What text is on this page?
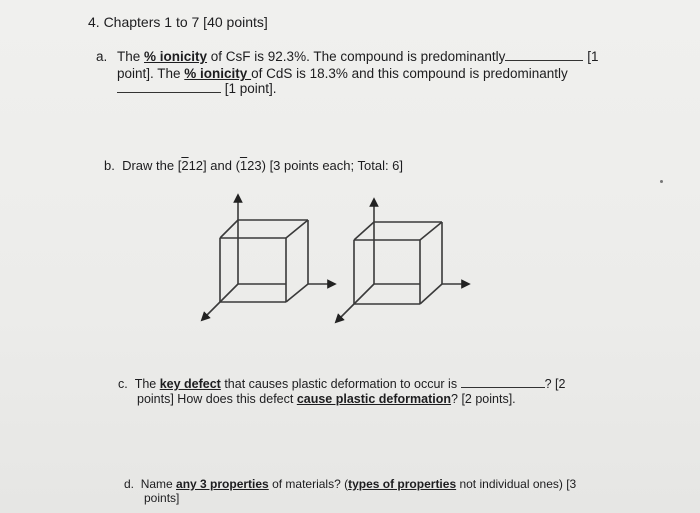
4. Chapters 1 to 7 [40 points]
a. The % ionicity of CsF is 92.3%. The compound is predominantly	[1
point]. The % ionicity of CdS is 18.3% and this compound is predominantly
[1 point].
b. Draw the [212] and (123) [3 points each; Total: 6]
c. The key defect that causes plastic deformation to occur is	? [2
points] How does this defect cause plastic deformation? [2 points].
d. Name any 3 properties of materials? (types of properties not individual ones) [3
points]
